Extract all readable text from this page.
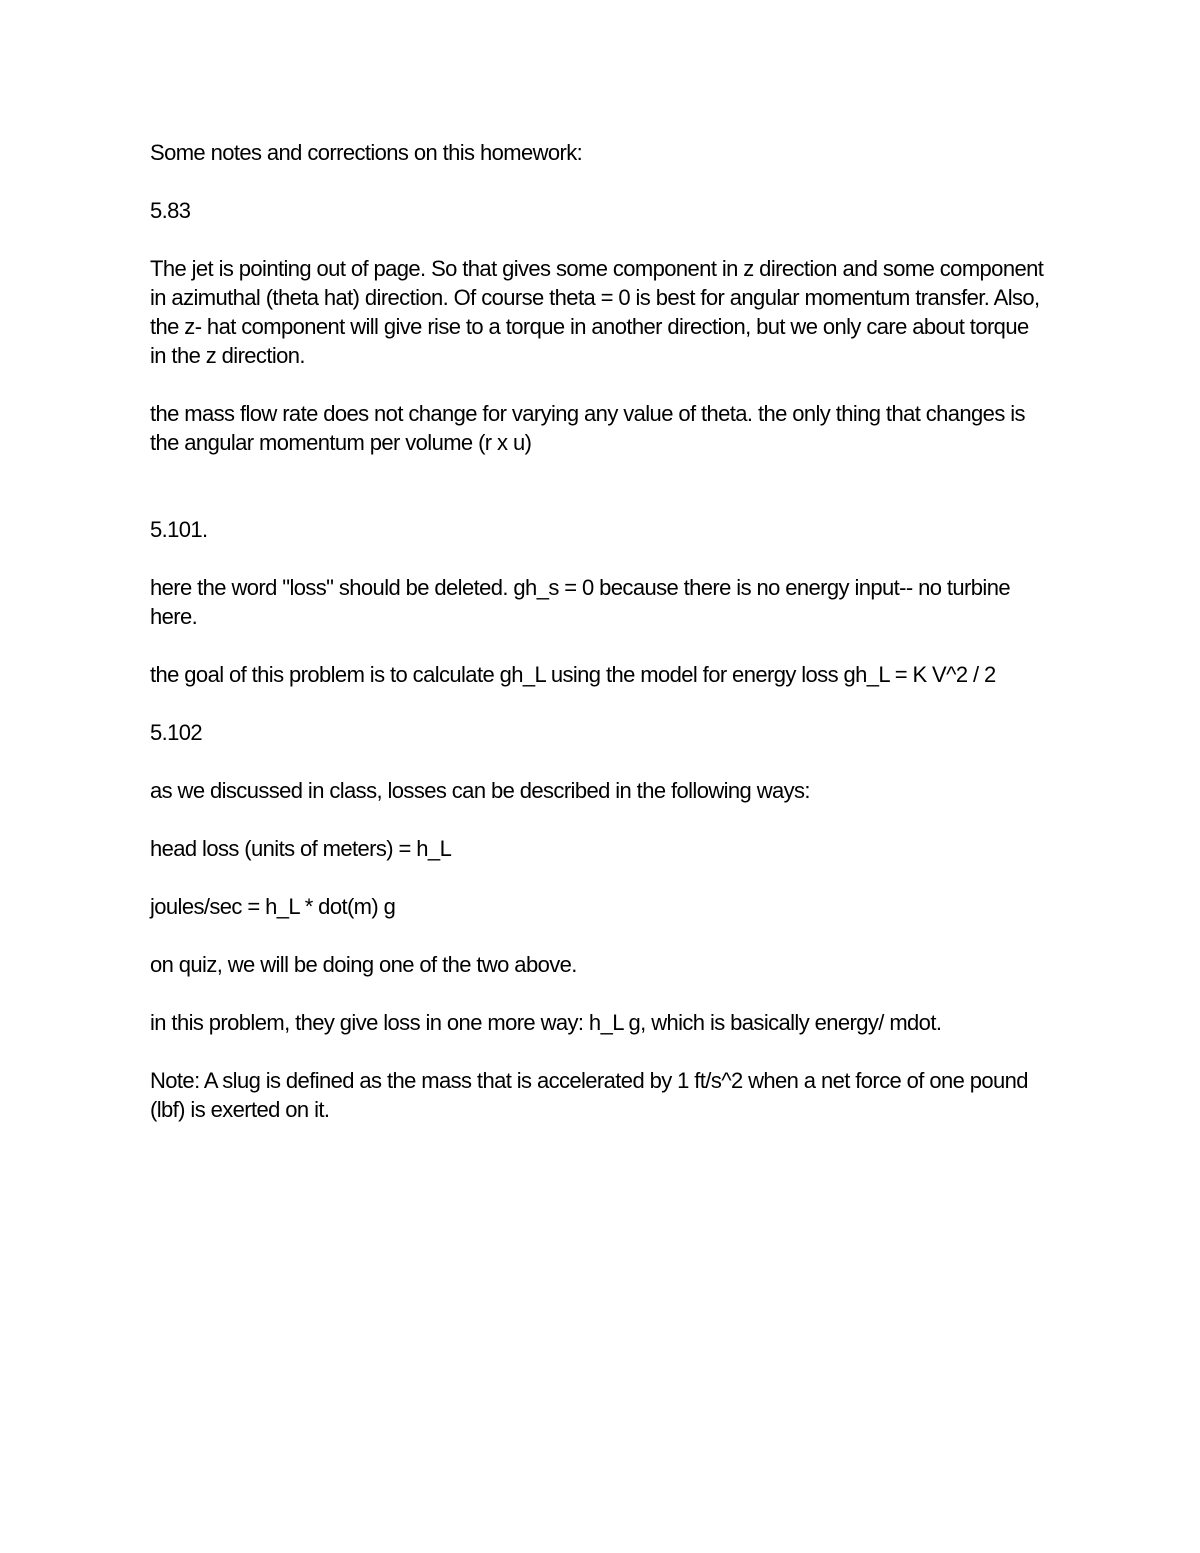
Some notes and corrections on this homework:

5.83

The jet is pointing out of page. So that gives some component in z direction and some component in azimuthal (theta hat) direction. Of course theta = 0 is best for angular momentum transfer. Also, the z- hat component will give rise to a torque in another direction, but we only care about torque in the z direction.

the mass flow rate does not change for varying any value of theta. the only thing that changes is the angular momentum per volume (r x u)

5.101.

here the word "loss" should be deleted. gh_s = 0 because there is no energy input-- no turbine here.

the goal of this problem is to calculate gh_L using the model for energy loss gh_L = K V^2 / 2

5.102

as we discussed in class, losses can be described in the following ways:

head loss (units of meters) = h_L

joules/sec = h_L * dot(m) g

on quiz, we will be doing one of the two above.

in this problem, they give loss in one more way: h_L g, which is basically energy/ mdot.

Note: A slug is defined as the mass that is accelerated by 1 ft/s^2 when a net force of one pound (lbf) is exerted on it.
